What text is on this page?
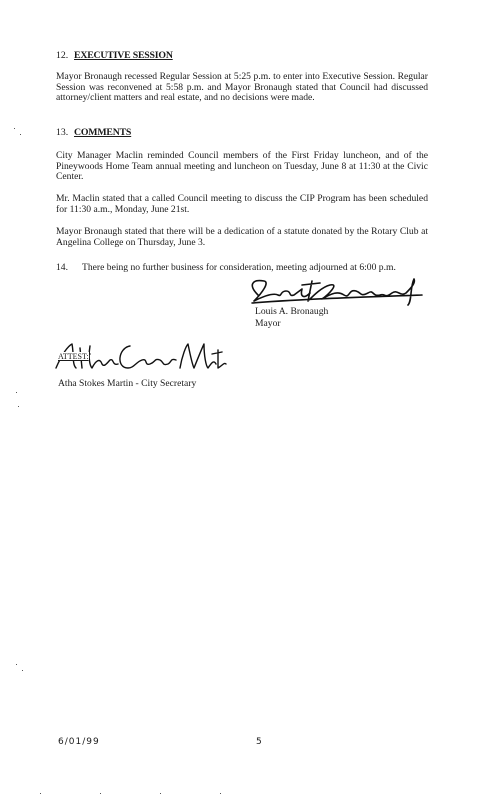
12. EXECUTIVE SESSION
Mayor Bronaugh recessed Regular Session at 5:25 p.m. to enter into Executive Session. Regular Session was reconvened at 5:58 p.m. and Mayor Bronaugh stated that Council had discussed attorney/client matters and real estate, and no decisions were made.
13. COMMENTS
City Manager Maclin reminded Council members of the First Friday luncheon, and of the Pineywoods Home Team annual meeting and luncheon on Tuesday, June 8 at 11:30 at the Civic Center.
Mr. Maclin stated that a called Council meeting to discuss the CIP Program has been scheduled for 11:30 a.m., Monday, June 21st.
Mayor Bronaugh stated that there will be a dedication of a statute donated by the Rotary Club at Angelina College on Thursday, June 3.
14. There being no further business for consideration, meeting adjourned at 6:00 p.m.
Louis A. Bronaugh
Mayor
ATTEST:
Atha Stokes Martin - City Secretary
6/01/99	5
